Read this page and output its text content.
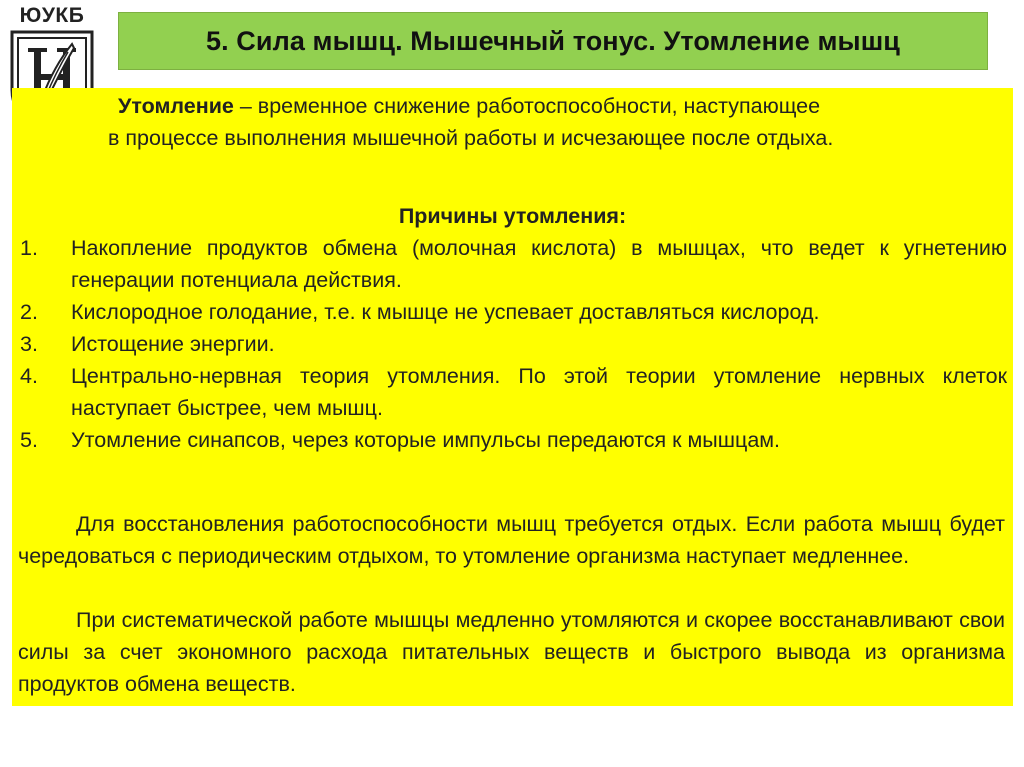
ЮУКБ
5. Сила мышц. Мышечный тонус. Утомление мышц
Утомление – временное снижение работоспособности, наступающее
в процессе выполнения мышечной работы и исчезающее после отдыха.
Причины утомления:
1. Накопление продуктов обмена (молочная кислота) в мышцах, что ведет к угнетению генерации потенциала действия.
2. Кислородное голодание, т.е. к мышце не успевает доставляться кислород.
3. Истощение энергии.
4. Центрально-нервная теория утомления. По этой теории утомление нервных клеток наступает быстрее, чем мышц.
5. Утомление синапсов, через которые импульсы передаются к мышцам.
Для восстановления работоспособности мышц требуется отдых. Если работа мышц будет чередоваться с периодическим отдыхом, то утомление организма наступает медленнее.
При систематической работе мышцы медленно утомляются и скорее восстанавливают свои силы за счет экономного расхода питательных веществ и быстрого вывода из организма продуктов обмена веществ.
